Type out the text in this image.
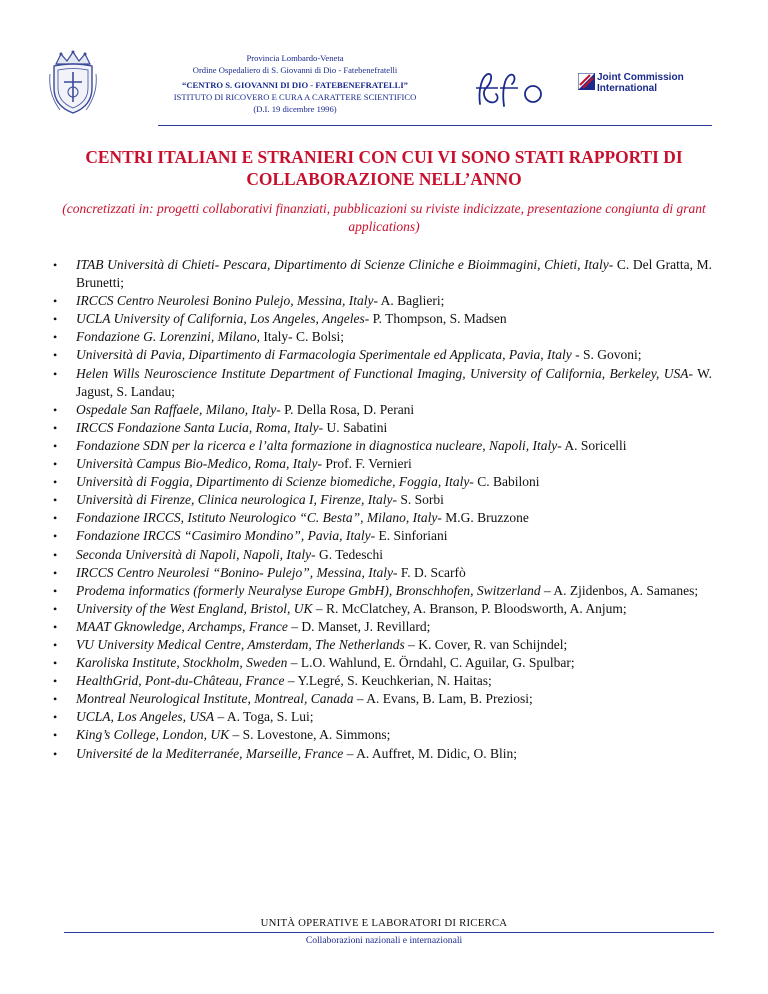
Provincia Lombardo-Veneta
Ordine Ospedaliero di S. Giovanni di Dio - Fatebenefratelli
“CENTRO S. GIOVANNI DI DIO - FATEBENEFRATELLI”
ISTITUTO DI RICOVERO E CURA A CARATTERE SCIENTIFICO
(D.I. 19 dicembre 1996)	fbf
Joint Commission
International
CENTRI ITALIANI E STRANIERI CON CUI VI SONO STATI RAPPORTI DI COLLABORAZIONE NELL’ANNO
(concretizzati in: progetti collaborativi finanziati, pubblicazioni su riviste indicizzate, presentazione congiunta di grant applications)
• ITAB Università di Chieti- Pescara, Dipartimento di Scienze Cliniche e Bioimmagini, Chieti, Italy- C. Del Gratta, M. Brunetti;
• IRCCS Centro Neurolesi Bonino Pulejo, Messina, Italy- A. Baglieri;
• UCLA University of California, Los Angeles, Angeles- P. Thompson, S. Madsen
• Fondazione G. Lorenzini, Milano, Italy- C. Bolsi;
• Università di Pavia, Dipartimento di Farmacologia Sperimentale ed Applicata, Pavia, Italy - S. Govoni;
• Helen Wills Neuroscience Institute Department of Functional Imaging, University of California, Berkeley, USA- W. Jagust, S. Landau;
• Ospedale San Raffaele, Milano, Italy- P. Della Rosa, D. Perani
• IRCCS Fondazione Santa Lucia, Roma, Italy- U. Sabatini
• Fondazione SDN per la ricerca e l’alta formazione in diagnostica nucleare, Napoli, Italy- A. Soricelli
• Università Campus Bio-Medico, Roma, Italy- Prof. F. Vernieri
• Università di Foggia, Dipartimento di Scienze biomediche, Foggia, Italy- C. Babiloni
• Università di Firenze, Clinica neurologica I, Firenze, Italy- S. Sorbi
• Fondazione IRCCS, Istituto Neurologico “C. Besta”, Milano, Italy- M.G. Bruzzone
• Fondazione IRCCS “Casimiro Mondino”, Pavia, Italy- E. Sinforiani
• Seconda Università di Napoli, Napoli, Italy- G. Tedeschi
• IRCCS Centro Neurolesi “Bonino- Pulejo”, Messina, Italy- F. D. Scarfò
• Prodema informatics (formerly Neuralyse Europe GmbH), Bronschhofen, Switzerland – A. Zjidenbos, A. Samanes;
• University of the West England, Bristol, UK – R. McClatchey, A. Branson, P. Bloodsworth, A. Anjum;
• MAAT Gknowledge, Archamps, France – D. Manset, J. Revillard;
• VU University Medical Centre, Amsterdam, The Netherlands – K. Cover, R. van Schijndel;
• Karoliska Institute, Stockholm, Sweden – L.O. Wahlund, E. Örndahl, C. Aguilar, G. Spulbar;
• HealthGrid, Pont-du-Château, France – Y.Legré, S. Keuchkerian, N. Haitas;
• Montreal Neurological Institute, Montreal, Canada – A. Evans, B. Lam, B. Preziosi;
• UCLA, Los Angeles, USA – A. Toga, S. Lui;
• King’s College, London, UK – S. Lovestone, A. Simmons;
• Université de la Mediterranée, Marseille, France – A. Auffret, M. Didic, O. Blin;
UNITÀ OPERATIVE E LABORATORI DI RICERCA
Collaborazioni nazionali e internazionali
